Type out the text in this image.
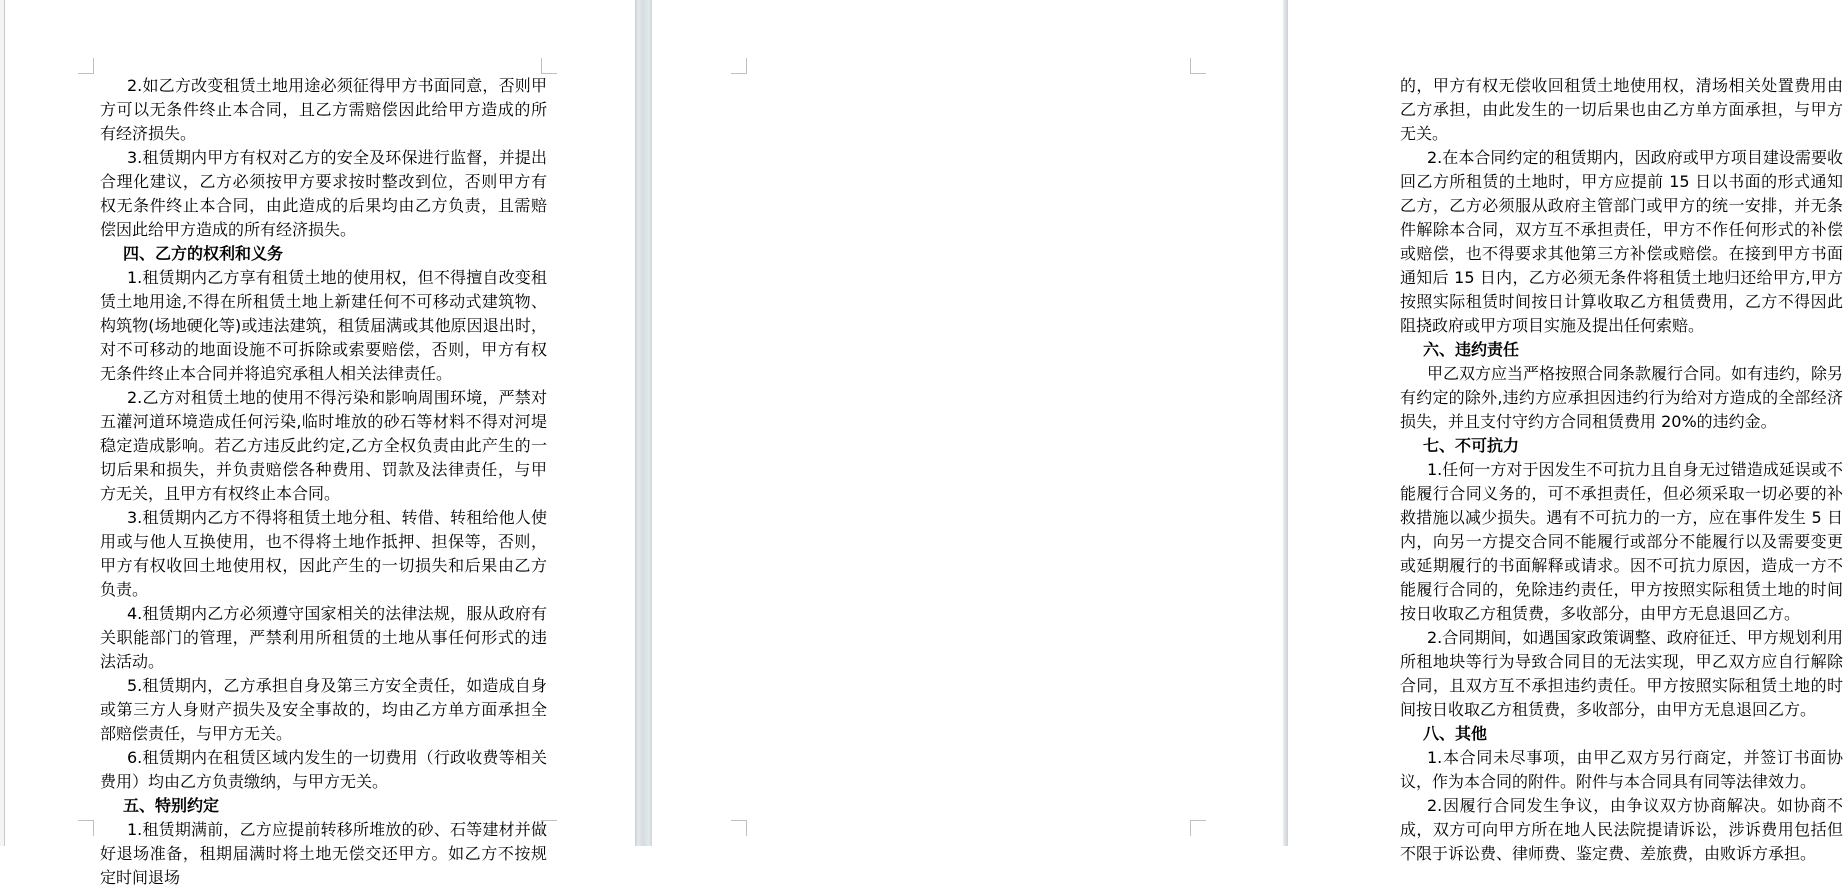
2.如乙方改变租赁土地用途必须征得甲方书面同意，否则甲方可以无条件终止本合同，且乙方需赔偿因此给甲方造成的所有经济损失。

3.租赁期内甲方有权对乙方的安全及环保进行监督，并提出合理化建议，乙方必须按甲方要求按时整改到位，否则甲方有权无条件终止本合同，由此造成的后果均由乙方负责，且需赔偿因此给甲方造成的所有经济损失。

四、乙方的权利和义务

1.租赁期内乙方享有租赁土地的使用权，但不得擅自改变租赁土地用途,不得在所租赁土地上新建任何不可移动式建筑物、构筑物(场地硬化等)或违法建筑，租赁届满或其他原因退出时，对不可移动的地面设施不可拆除或索要赔偿，否则，甲方有权无条件终止本合同并将追究承租人相关法律责任。

2.乙方对租赁土地的使用不得污染和影响周围环境，严禁对五灌河道环境造成任何污染,临时堆放的砂石等材料不得对河堤稳定造成影响。若乙方违反此约定,乙方全权负责由此产生的一切后果和损失，并负责赔偿各种费用、罚款及法律责任，与甲方无关，且甲方有权终止本合同。

3.租赁期内乙方不得将租赁土地分租、转借、转租给他人使用或与他人互换使用，也不得将土地作抵押、担保等，否则，甲方有权收回土地使用权，因此产生的一切损失和后果由乙方负责。

4.租赁期内乙方必须遵守国家相关的法律法规，服从政府有关职能部门的管理，严禁利用所租赁的土地从事任何形式的违法活动。

5.租赁期内，乙方承担自身及第三方安全责任，如造成自身或第三方人身财产损失及安全事故的，均由乙方单方面承担全部赔偿责任，与甲方无关。

6.租赁期内在租赁区域内发生的一切费用（行政收费等相关费用）均由乙方负责缴纳，与甲方无关。

五、特别约定

1.租赁期满前，乙方应提前转移所堆放的砂、石等建材并做好退场准备，租期届满时将土地无偿交还甲方。如乙方不按规定时间退场

的，甲方有权无偿收回租赁土地使用权，清场相关处置费用由乙方承担，由此发生的一切后果也由乙方单方面承担，与甲方无关。

2.在本合同约定的租赁期内，因政府或甲方项目建设需要收回乙方所租赁的土地时，甲方应提前 15 日以书面的形式通知乙方，乙方必须服从政府主管部门或甲方的统一安排，并无条件解除本合同，双方互不承担责任，甲方不作任何形式的补偿或赔偿，也不得要求其他第三方补偿或赔偿。在接到甲方书面通知后 15 日内，乙方必须无条件将租赁土地归还给甲方,甲方按照实际租赁时间按日计算收取乙方租赁费用，乙方不得因此阻挠政府或甲方项目实施及提出任何索赔。

六、违约责任

甲乙双方应当严格按照合同条款履行合同。如有违约，除另有约定的除外,违约方应承担因违约行为给对方造成的全部经济损失，并且支付守约方合同租赁费用 20%的违约金。

七、不可抗力

1.任何一方对于因发生不可抗力且自身无过错造成延误或不能履行合同义务的，可不承担责任，但必须采取一切必要的补救措施以减少损失。遇有不可抗力的一方，应在事件发生 5 日内，向另一方提交合同不能履行或部分不能履行以及需要变更或延期履行的书面解释或请求。因不可抗力原因，造成一方不能履行合同的，免除违约责任，甲方按照实际租赁土地的时间按日收取乙方租赁费，多收部分，由甲方无息退回乙方。

2.合同期间，如遇国家政策调整、政府征迁、甲方规划利用所租地块等行为导致合同目的无法实现，甲乙双方应自行解除合同，且双方互不承担违约责任。甲方按照实际租赁土地的时间按日收取乙方租赁费，多收部分，由甲方无息退回乙方。

八、其他

1.本合同未尽事项，由甲乙双方另行商定，并签订书面协议，作为本合同的附件。附件与本合同具有同等法律效力。

2.因履行合同发生争议，由争议双方协商解决。如协商不成，双方可向甲方所在地人民法院提请诉讼，涉诉费用包括但不限于诉讼费、律师费、鉴定费、差旅费，由败诉方承担。
